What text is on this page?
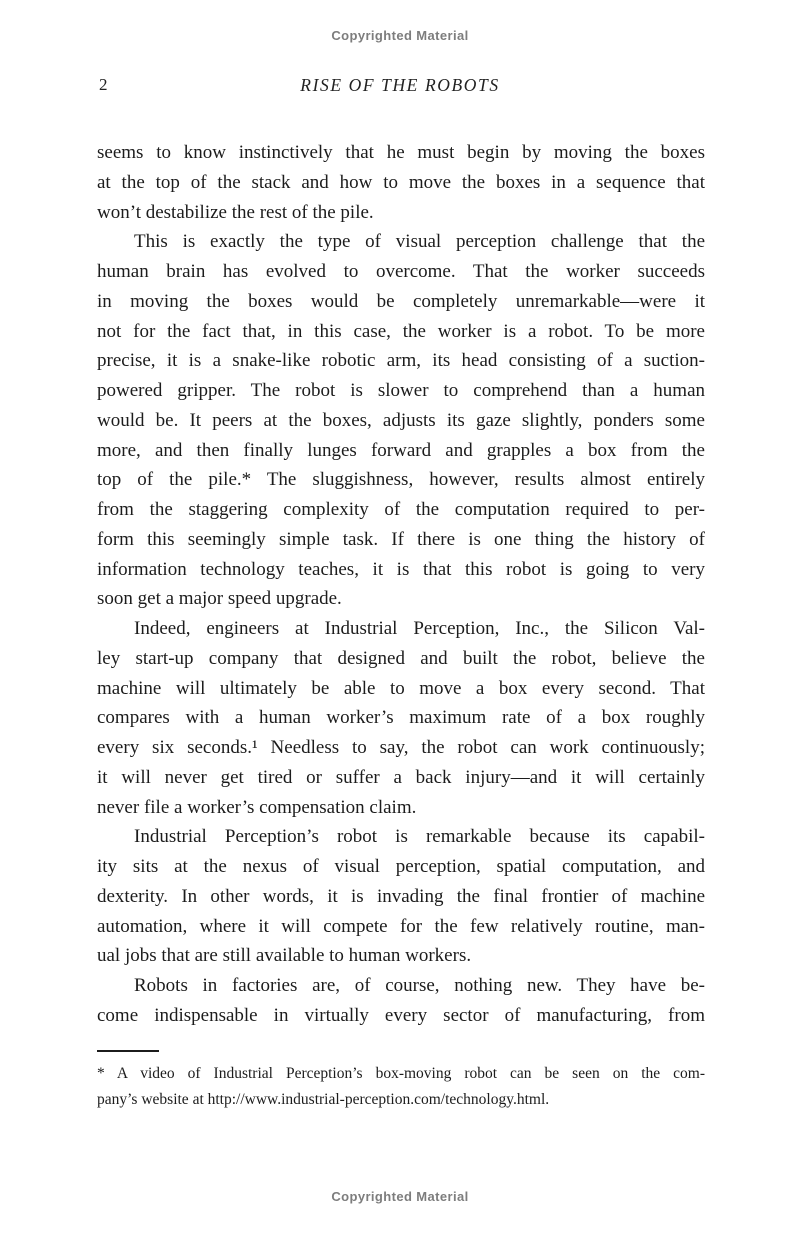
Copyrighted Material
2	RISE OF THE ROBOTS
seems to know instinctively that he must begin by moving the boxes
at the top of the stack and how to move the boxes in a sequence that
won’t destabilize the rest of the pile.
This is exactly the type of visual perception challenge that the
human brain has evolved to overcome. That the worker succeeds
in moving the boxes would be completely unremarkable—were it
not for the fact that, in this case, the worker is a robot. To be more
precise, it is a snake-like robotic arm, its head consisting of a suction-
powered gripper. The robot is slower to comprehend than a human
would be. It peers at the boxes, adjusts its gaze slightly, ponders some
more, and then finally lunges forward and grapples a box from the
top of the pile.* The sluggishness, however, results almost entirely
from the staggering complexity of the computation required to per-
form this seemingly simple task. If there is one thing the history of
information technology teaches, it is that this robot is going to very
soon get a major speed upgrade.
Indeed, engineers at Industrial Perception, Inc., the Silicon Val-
ley start-up company that designed and built the robot, believe the
machine will ultimately be able to move a box every second. That
compares with a human worker’s maximum rate of a box roughly
every six seconds.¹ Needless to say, the robot can work continuously;
it will never get tired or suffer a back injury—and it will certainly
never file a worker’s compensation claim.
Industrial Perception’s robot is remarkable because its capabil-
ity sits at the nexus of visual perception, spatial computation, and
dexterity. In other words, it is invading the final frontier of machine
automation, where it will compete for the few relatively routine, man-
ual jobs that are still available to human workers.
Robots in factories are, of course, nothing new. They have be-
come indispensable in virtually every sector of manufacturing, from
* A video of Industrial Perception’s box-moving robot can be seen on the com-
pany’s website at http://www.industrial-perception.com/technology.html.
Copyrighted Material
